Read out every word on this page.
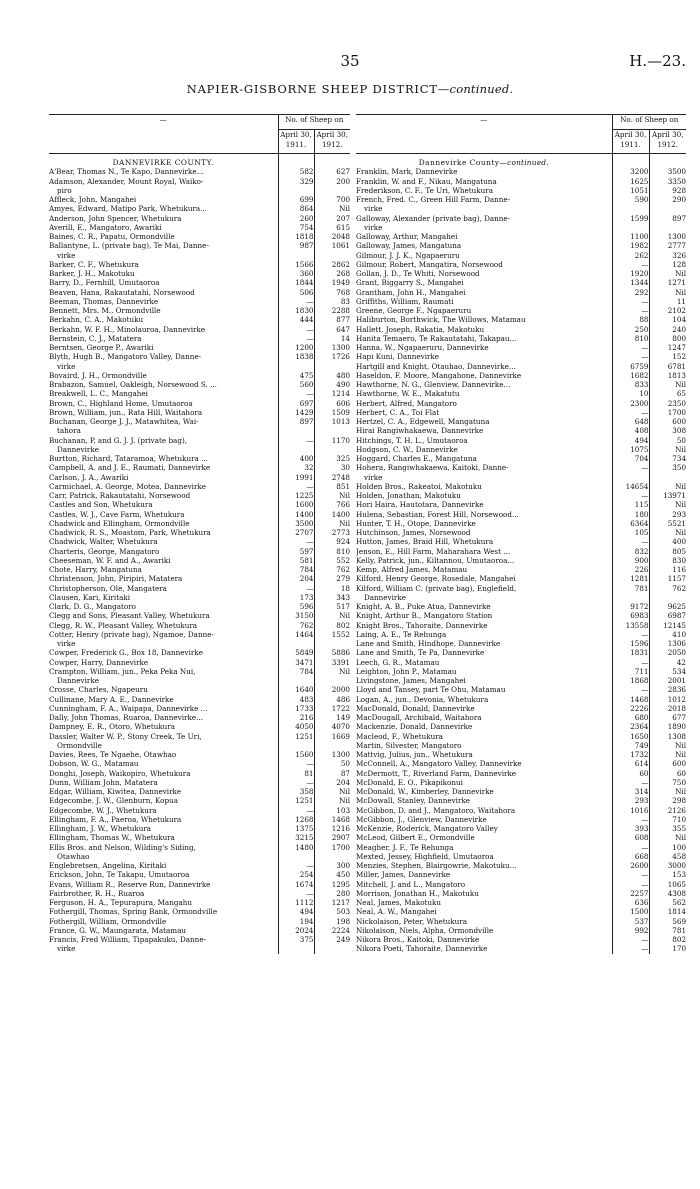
35	H.—23.
NAPIER-GISBORNE SHEEP DISTRICT—continued.
—	No. of Sheep on	
	April 30, 1911.	April 30, 1912.
DANNEVIRKE COUNTY.		
A'Bear, Thomas N., Te Kapo, Dannevirke...	582	627
Adamson, Alexander, Mount Royal, Waiko-	329	200
piro		
Affleck, John, Mangahei	699	700
Amyes, Edward, Matipo Park, Whetukura...	864	Nil
Anderson, John Spencer, Whetukura	260	207
Averill, E., Mangatoro, Awariki	754	615
Baines, C. R., Papatu, Ormondville	1818	2048
Ballantyne, L. (private bag), Te Mai, Danne-	987	1061
virke		
Barker, C. F., Whetukura	1566	2862
Barker, J. H., Makotuku	360	268
Barry, D., Fernhill, Umutaoroa	1844	1949
Beaven, Hana, Rakautatahi, Norsewood	506	768
Beeman, Thomas, Dannevirke	—	83
Bennett, Mrs. M., Ormondville	1830	2288
Berkahn, C. A., Makotuku	444	877
Berkahn, W. F. H., Minolauroa, Dannevirke	—	647
Bernstein, C. J., Matatera	—	14
Berntsen, George P., Awariki	1200	1300
Blyth, Hugh B., Mangatoro Valley, Danne-	1838	1726
virke		
Bovaird, J. H., Ormondville	475	480
Brabazon, Samuel, Oakleigh, Norsewood S. ...	560	490
Breakwell, L. C., Mangahei	—	1214
Brown, C., Highland Home, Umutaoroa	697	606
Brown, William, jun., Rata Hill, Waitahora	1429	1509
Buchanan, George J. J., Matawhitea, Wai-	897	1013
tahora		
Buchanan, P. and G. J. J. (private bag),	—	1170
Dannevirke		
Burtton, Richard, Tataramoa, Whetukura ...	400	325
Campbell, A. and J. E., Raumati, Dannevirke	32	30
Carlson, J. A., Awariki	1991	2748
Carmichael, A. George, Motea, Dannevirke	—	851
Carr, Patrick, Rakautatahi, Norsewood	1225	Nil
Castles and Son, Whetukura	1600	766
Castles, W. J., Cave Farm, Whetukura	1400	1400
Chadwick and Ellingham, Ormondville	3500	Nil
Chadwick, R. S., Moastom, Park, Whetukura	2707	2773
Chadwick, Walter, Whetukura	—	924
Charteris, George, Mangatoro	597	810
Cheeseman, W. F. and A., Awariki	581	552
Chote, Harry, Mangatuna	784	762
Christenson, John, Piripiri, Matatera	204	279
Christopherson, Ole, Mangatera	—	18
Clausen, Kari, Kiritaki	173	343
Clark, D. G., Mangatoro	596	517
Clegg and Sons, Pleasant Valley, Whetukura	3150	Nil
Clegg, R. W., Pleasant Valley, Whetukura	762	802
Cotter, Henry (private bag), Ngamoe, Danne-	1464	1552
virke		
Cowper, Frederick G., Box 18, Dannevirke	5849	5886
Cowper, Harry, Dannevirke	3471	3391
Crampton, William, jun., Peka Peka Nui,	784	Nil
Dannevirke		
Crosse, Charles, Ngapeuru	1640	2000
Cullinane, Mary A. E., Dannevirke	483	486
Cunningham, F. A., Waipapa, Dannevirke ...	1733	1722
Dally, John Thomas, Ruaroa, Dannevirke...	216	149
Dampney, E. R., Otoro, Whetukura	4050	4070
Dassler, Walter W. P., Stony Creek, Te Uri,	1251	1669
Ormondville		
Davies, Rees, Te Ngaehe, Otawhao	1560	1300
Dobson, W. G., Matamau	—	50
Donghi, Joseph, Waikopiro, Whetukura	81	87
Dunn, William John, Matatera	—	204
Edgar, William, Kiwitea, Dannevirke	358	Nil
Edgecombe, J. W., Glenburn, Kopua	1251	Nil
Edgecombe, W. J., Whetukura	—	103
Ellingham, F. A., Paeroa, Whetukura	1268	1468
Ellingham, J. W., Whetukura	1375	1216
Ellingham, Thomas W., Whetukura	3215	2907
Ellis Bros. and Nelson, Wilding's Siding,	1480	1700
Otawhao		
Englebretsen, Angelina, Kiritaki	—	300
Erickson, John, Te Takapu, Umutaoroa	254	450
Evans, William R., Reserve Run, Dannevirke	1674	1295
Fairbrother, R. H., Ruaroa	—	280
Ferguson, H. A., Tepurapura, Mangahu	1112	1217
Fothergill, Thomas, Spring Bank, Ormondville	494	503
Fothergill, William, Ormondville	194	198
France, G. W., Maungarata, Matamau	2024	2224
Francis, Fred William, Tipapakuku, Danne-	375	249
virke		
—	No. of Sheep on	
	April 30, 1911.	April 30, 1912.
Dannevirke County—continued.		
Franklin, Mark, Dannevirke	3200	3500
Franklin, W. and F., Nikau, Mangatuna	1625	3350
Frederikson, C. F., Te Uri, Whetukura	1051	928
French, Fred. C., Green Hill Farm, Danne-	590	290
virke		
Galloway, Alexander (private bag), Danne-	1599	897
virke		
Galloway, Arthur, Mangahei	1100	1300
Galloway, James, Mangatuna	1982	2777
Gilmour, J. J. K., Ngapaeruru	262	326
Gilmour, Robert, Mangatira, Norsewood	—	128
Gollan, J. D., Te Whiti, Norsewood	1920	Nil
Grant, Biggarry S., Mangahei	1344	1271
Grantham, John H., Mangahei	292	Nil
Griffiths, William, Raumati	—	11
Greene, George F., Ngapaeruru	—	2102
Haliburton, Borthwick, The Willows, Matamau	88	104
Hallett, Joseph, Rakatia, Makotuku	250	240
Hanita Temaero, Te Rakautatahi, Takapau...	810	800
Hanna, W., Ngapaeruru, Dannevirke	—	1247
Hapi Kuni, Dannevirke	—	152
Hartgill and Knight, Otauhao, Dannevirke...	6759	6781
Haseldon, F. Moore, Mangahone, Dannevirke	1682	1813
Hawthorne, N. G., Glenview, Dannevirke...	833	Nil
Hawthorne, W. E., Makatutu	10	65
Herbert, Alfred, Mangatoro	2300	2350
Herbert, C. A., Toi Flat	—	1700
Hertzel, C. A., Edgewell, Mangatuna	648	600
Hirai Rangiwhakaewa, Dannevirke	408	308
Hitchings, T. H. L., Umutaoroa	494	50
Hodgson, C. W., Dannevirke	1075	Nil
Hoggard, Charles E., Mangatuna	704	734
Hohera, Rangiwhakaewa, Kaitoki, Danne-	—	350
virke		
Holden Bros., Rakeatoi, Makotuku	14654	Nil
Holden, Jonathan, Makotuku	—	13971
Hori Haira, Hautotara, Dannevirke	115	Nil
Hulena, Sebastian, Forest Hill, Norsewood...	180	293
Hunter, T. H., Otope, Dannevirke	6364	5521
Hutchinson, James, Norsewood	105	Nil
Hutton, James, Braid Hill, Whetukura	—	400
Jenson, E., Hill Farm, Maharahara West ...	832	805
Kelly, Patrick, jun., Kiltannou, Umutaoroa...	900	830
Kemp, Alfred James, Matamau	226	116
Kilford, Henry George, Rosedale, Mangahei	1281	1157
Kilford, William C. (private bag), Englefield,	781	762
Dannevirke		
Knight, A. B., Puke Atua, Dannevirke	9172	9625
Knight, Arthur B., Mangatoro Station	6983	6987
Knight Bros., Tahoraite, Dannevirke	13558	12145
Laing, A. E., Te Rehunga	—	410
Lane and Smith, Hindhope, Dannevirke	1596	1306
Lane and Smith, Te Pa, Dannevirke	1831	2050
Leech, G. R., Matamau	—	42
Leighton, John P., Matamau	711	534
Livingstone, James, Mangahei	1868	2001
Lloyd and Tansey, part Te Ohu, Matamau	—	2836
Logan, A., jun., Devonia, Whetukura	1468	1012
MacDonald, Donald, Dannevirke	2226	2018
MacDougall, Archibald, Waitahora	680	677
Mackenzie, Donald, Dannevirke	2364	1890
Macleod, F., Whetukura	1650	1308
Martin, Silvester, Mangatoro	749	Nil
Mattvig, Julius, jun., Whetukura	1732	Nil
McConnell, A., Mangatoro Valley, Dannevirke	614	600
McDermott, T., Riverland Farm, Dannevirke	60	60
McDonald, E. O., Pikapikonui	—	750
McDonald, W., Kimberley, Dannevirke	314	Nil
McDowall, Stanley, Dannevirke	293	298
McGibbon, D. and J., Mangatoro, Waitahora	1016	2126
McGibbon, J., Glenview, Dannevirke	—	710
McKenzie, Roderick, Mangatoro Valley	393	355
McLeod, Gilbert E., Ormondville	608	Nil
Meagher, J. F., Te Rehunga	—	100
Mexted, Jessey, Highfield, Umutaoroa	668	458
Menzies, Stephen, Blairgowrie, Makotuku...	2600	3000
Miller, James, Dannevirke	—	153
Mitchell, J. and L., Mangatoro	—	1065
Morrison, Jonathan H., Makotuku	2257	4308
Neal, James, Makotuku	636	562
Neal, A. W., Mangahei	1500	1814
Nickolaison, Peter, Whetukura	537	569
Nikolaison, Niels, Alpha, Ormondville	992	781
Nikora Bros., Kaitoki, Dannevirke	—	802
Nikora Poeti, Tahoraite, Dannevirke	—	170
